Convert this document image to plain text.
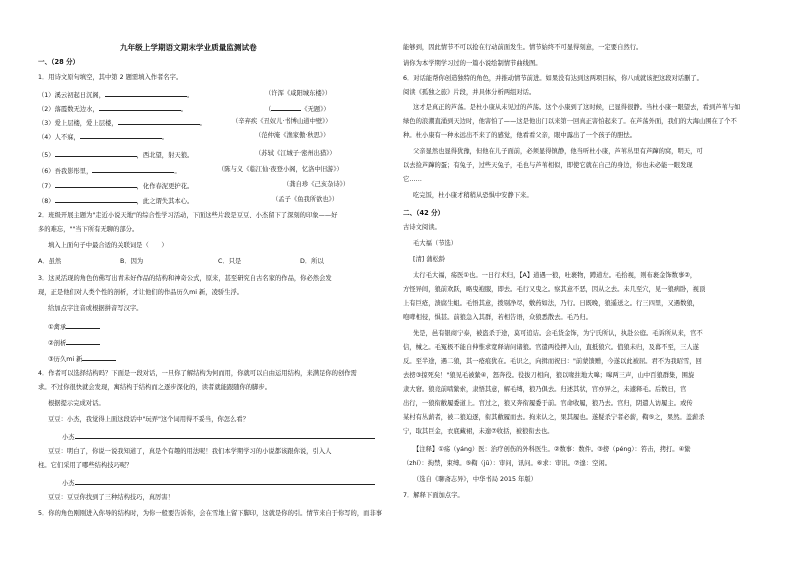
九年级上学期语文期末学业质量监测试卷
一、（28 分）
1．用诗文原句填空，其中第 2 题需填入作者名字。
（1）溪云初起日沉阁，	。	（许浑《咸阳城东楼》）
（2）落霞数无边水，	。	（	《无题》）
（3）爱上层楼，爱上层楼，	。	（辛弃疾《丑奴儿·书博山道中壁》）
（4）人不寐，	。	（范仲淹《渔家傲·秋思》）
（5）	，西北望，射天狼。	（苏轼《江城子·密州出猎》）
（6）吾我影彤里，	。	（陈与义《临江仙·夜登小阁，忆洛中旧游》）
（7）	，化作春泥更护花。	（龚自珍《己亥杂诗》）
（8）	，此之谓失其本心。	（孟子《鱼我所欲也》）
2．班级开展主题为"走近小说天地"的综合性学习活动，下面这些片段是豆豆、小杰留下了深刻的印象——好
多的难忘，""当下所有无聊的部分。
填入上面句子中最合适的关联词是（　　）
A．虽然	B．因为	C．只是	D．所以
3．这灵活现的角色仿佛写出青未好作品的结构和神奇公式，原来，甚至研究自古名家的作品，你必然会发
现，正是他们对人类个性的剖析，才让他们的作品历久mi 新，凌骄生浮。
给加点字注音或根据拼音写汉字。
①禽承
②剖析
③历久mi 新
4．作者可以选择结构吗？下面是一段对话，一旦你了解结构为何而用，你就可以自由运用结构，来满足你的创作需
求。不过你很快就会发现，寓结构于结构而之逐步深化的，读者就能跟随你的脚步。
根据提示完成对话。
豆豆：小杰，我觉得上面这段话中"玩弄"这个词用得不妥当，你怎么看？
小杰
豆豆：明白了，你说一说我知道了，真是个有趣的用法呢！我们本学期学习的小说都该跟你说，引入人
柱。它们采用了哪些结构技巧呢？
小杰
豆豆：豆豆你找到了三种结构技巧，真厉害！
5．你的角色刚刚进入你导的结构时，为你一般要告诉你，会在雪地上留下脚印，这就是你的引。情节来自于你写的，而非事
能够到，因此情节不可以抢在行动前面发生。情节始终不可显得刻意，一定要自然行。
请你为本学期学习过的一篇小说绘制情节曲线图。
6．对话能帮你创造独特的角色，并推动情节前进。如果没有达到这两项目标，你八成就该把这段对话删了。
阅读《孤独之旅》片段，并具体分析两组对话。
这才是真正的芦荡。是杜小康从未见过的芦荡。这个小康到了这时候，已显得很静。当杜小康一眼望去，看到芦苇与如
绿色的浪潮直涌到天边时，他害怕了——这是他出门以来第一回真正害怕起来了。在芦荡外面，我们的大海山围在了个不
种。杜小康有一种永远出不来了的感觉，他看看父亲，眼中露出了一个孩子的胆怯。
父亲显然也显得犹豫，但他在儿子面前，必须显得镇静，他当听杜小康，芦苇丛里有芦蹿的窝，明天，可
以去捡芦蹿的蛋；有兔子，过些天兔子，毛也与芦苇相似，即使它就在自己的身边，你也未必能一眼发现
它……
吃完饭，杜小康才稍稍从恐惧中安静下来。
二、（42 分）
古诗文阅读。
毛大福（节选）
[清] 蒲松龄
太行毛大福，疡医①也。一日行术归，【A】道遇一狼，吐裹物，蹲道左。毛拾视，则布裹金饰数事②，
方怪异间，狼前欢跃，略曳袍服，即去。毛行又曳之。察其意不恶，因从之去。未几至穴，见一狼病卧，视顶
上有巨疮，溃腐生蛆。毛悟其意，拨剔净尽，敷药如法，乃行。日既晚，狼遥送之。行三四里，又遇数狼，
咆哮相侵，惧甚。前狼急入其群，若相告语，众狼悉散去。毛乃归。
先是，邑有银商宁泰，被盗杀于途，莫可追诘。会毛货金饰，为宁氏所认，执赴公庭。毛诉所从来，官不
信，械之。毛冤极不能自伸惟求宽释请问诸狼。官遣两役押入山，直抵狼穴。值狼未归，及暮不至，三人遂
反。至半途，遇二狼，其一疮痕犹在。毛识之，向揖而祝曰："前蒙馈赠，今遂以此被屈。君不为我昭雪，回
去搒③掠死矣！"狼见毛被絷④，怒奔役。役拔刀相向，狼以喙拄地大嗥；嗥两三声，山中百狼群集，围旋
隶大窘。狼竞前啮絷索，隶悟其意，解毛缚，狼乃俱去。归述其状，官亦异之，未遽释毛。后数日，官
出行，一狼衔敝履委道上。官过之，狼又奔衔履委于前。官命收履，狼乃去。官归，阴遣人访履主。或传
某村有丛薪者，被二狼迫逐，衔其敝履而去。拘来认之，果其履也。遂疑杀宁者必薪，鞫⑤之，果然。盖薪杀
宁，取其巨金，衣底藏裙，未遑⑦收括，被狼衔去也。
【注释】①疡（yáng）医：治疗创伤的外科医生。②数事：数件。③搒（péng）：笞击，拷打。④絷
（zhí）：拘禁，束缚。⑤鞫（jū）：审问，讯问。⑥求：审讯。⑦遑：空闲。
（选自《聊斋志异》，中华书局 2015 年版）
7．解释下面加点字。
